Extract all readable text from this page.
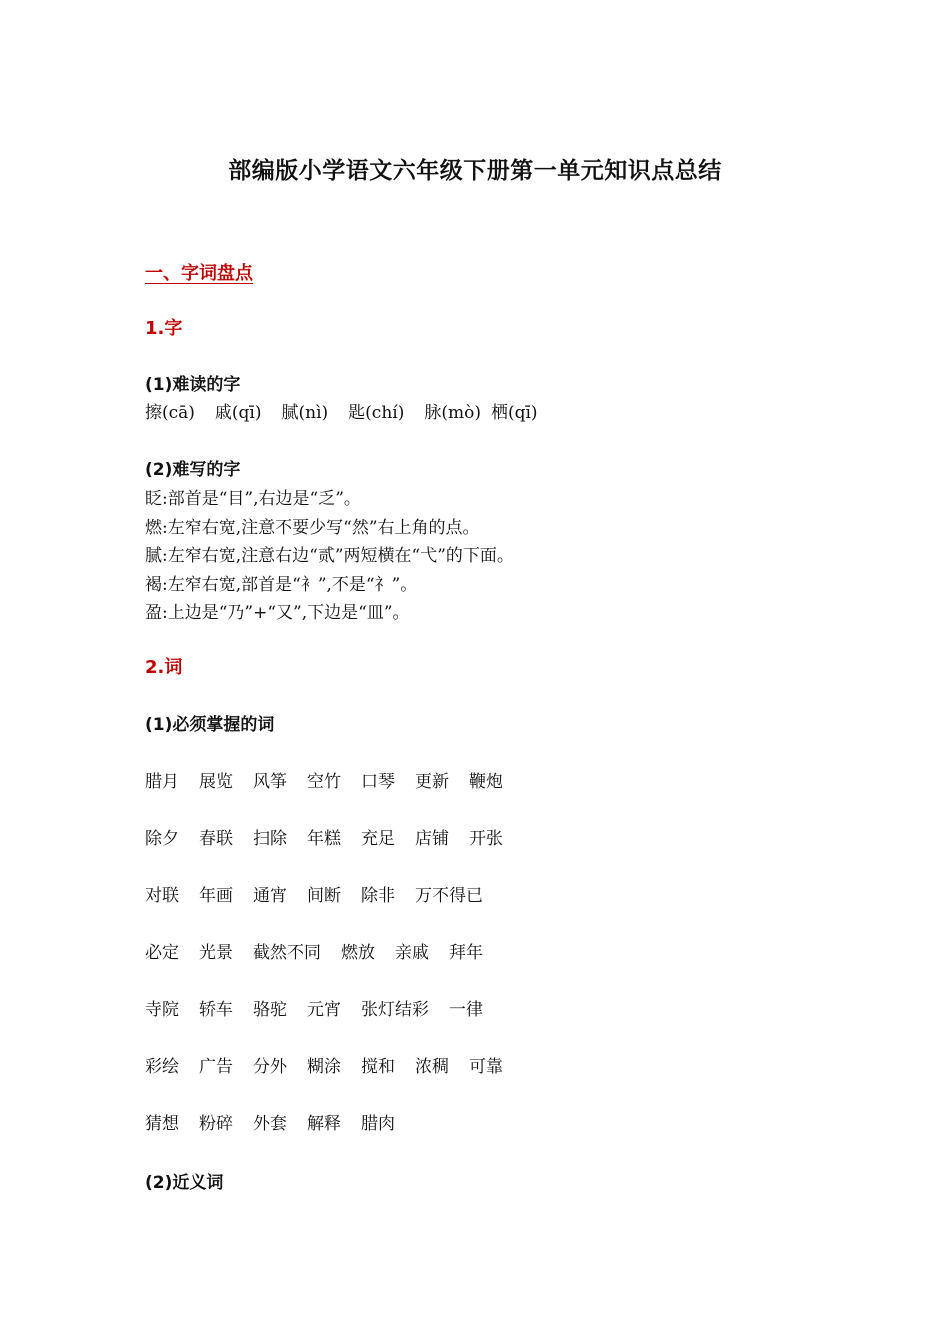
部编版小学语文六年级下册第一单元知识点总结
一、字词盘点
1.字
(1)难读的字
擦(cā) 戚(qī) 腻(nì) 匙(chí) 脉(mò) 栖(qī)
(2)难写的字
眨:部首是“目”,右边是“乏”。
燃:左窄右宽,注意不要少写“然”右上角的点。
腻:左窄右宽,注意右边“贰”两短横在“弋”的下面。
褐:左窄右宽,部首是“衤”,不是“礻”。
盈:上边是“乃”+“又”,下边是“皿”。
2.词
(1)必须掌握的词
腊月 展览 风筝 空竹 口琴 更新 鞭炮
除夕 春联 扫除 年糕 充足 店铺 开张
对联 年画 通宵 间断 除非 万不得已
必定 光景 截然不同 燃放 亲戚 拜年
寺院 轿车 骆驼 元宵 张灯结彩 一律
彩绘 广告 分外 糊涂 搅和 浓稠 可靠
猜想 粉碎 外套 解释 腊肉
(2)近义词
